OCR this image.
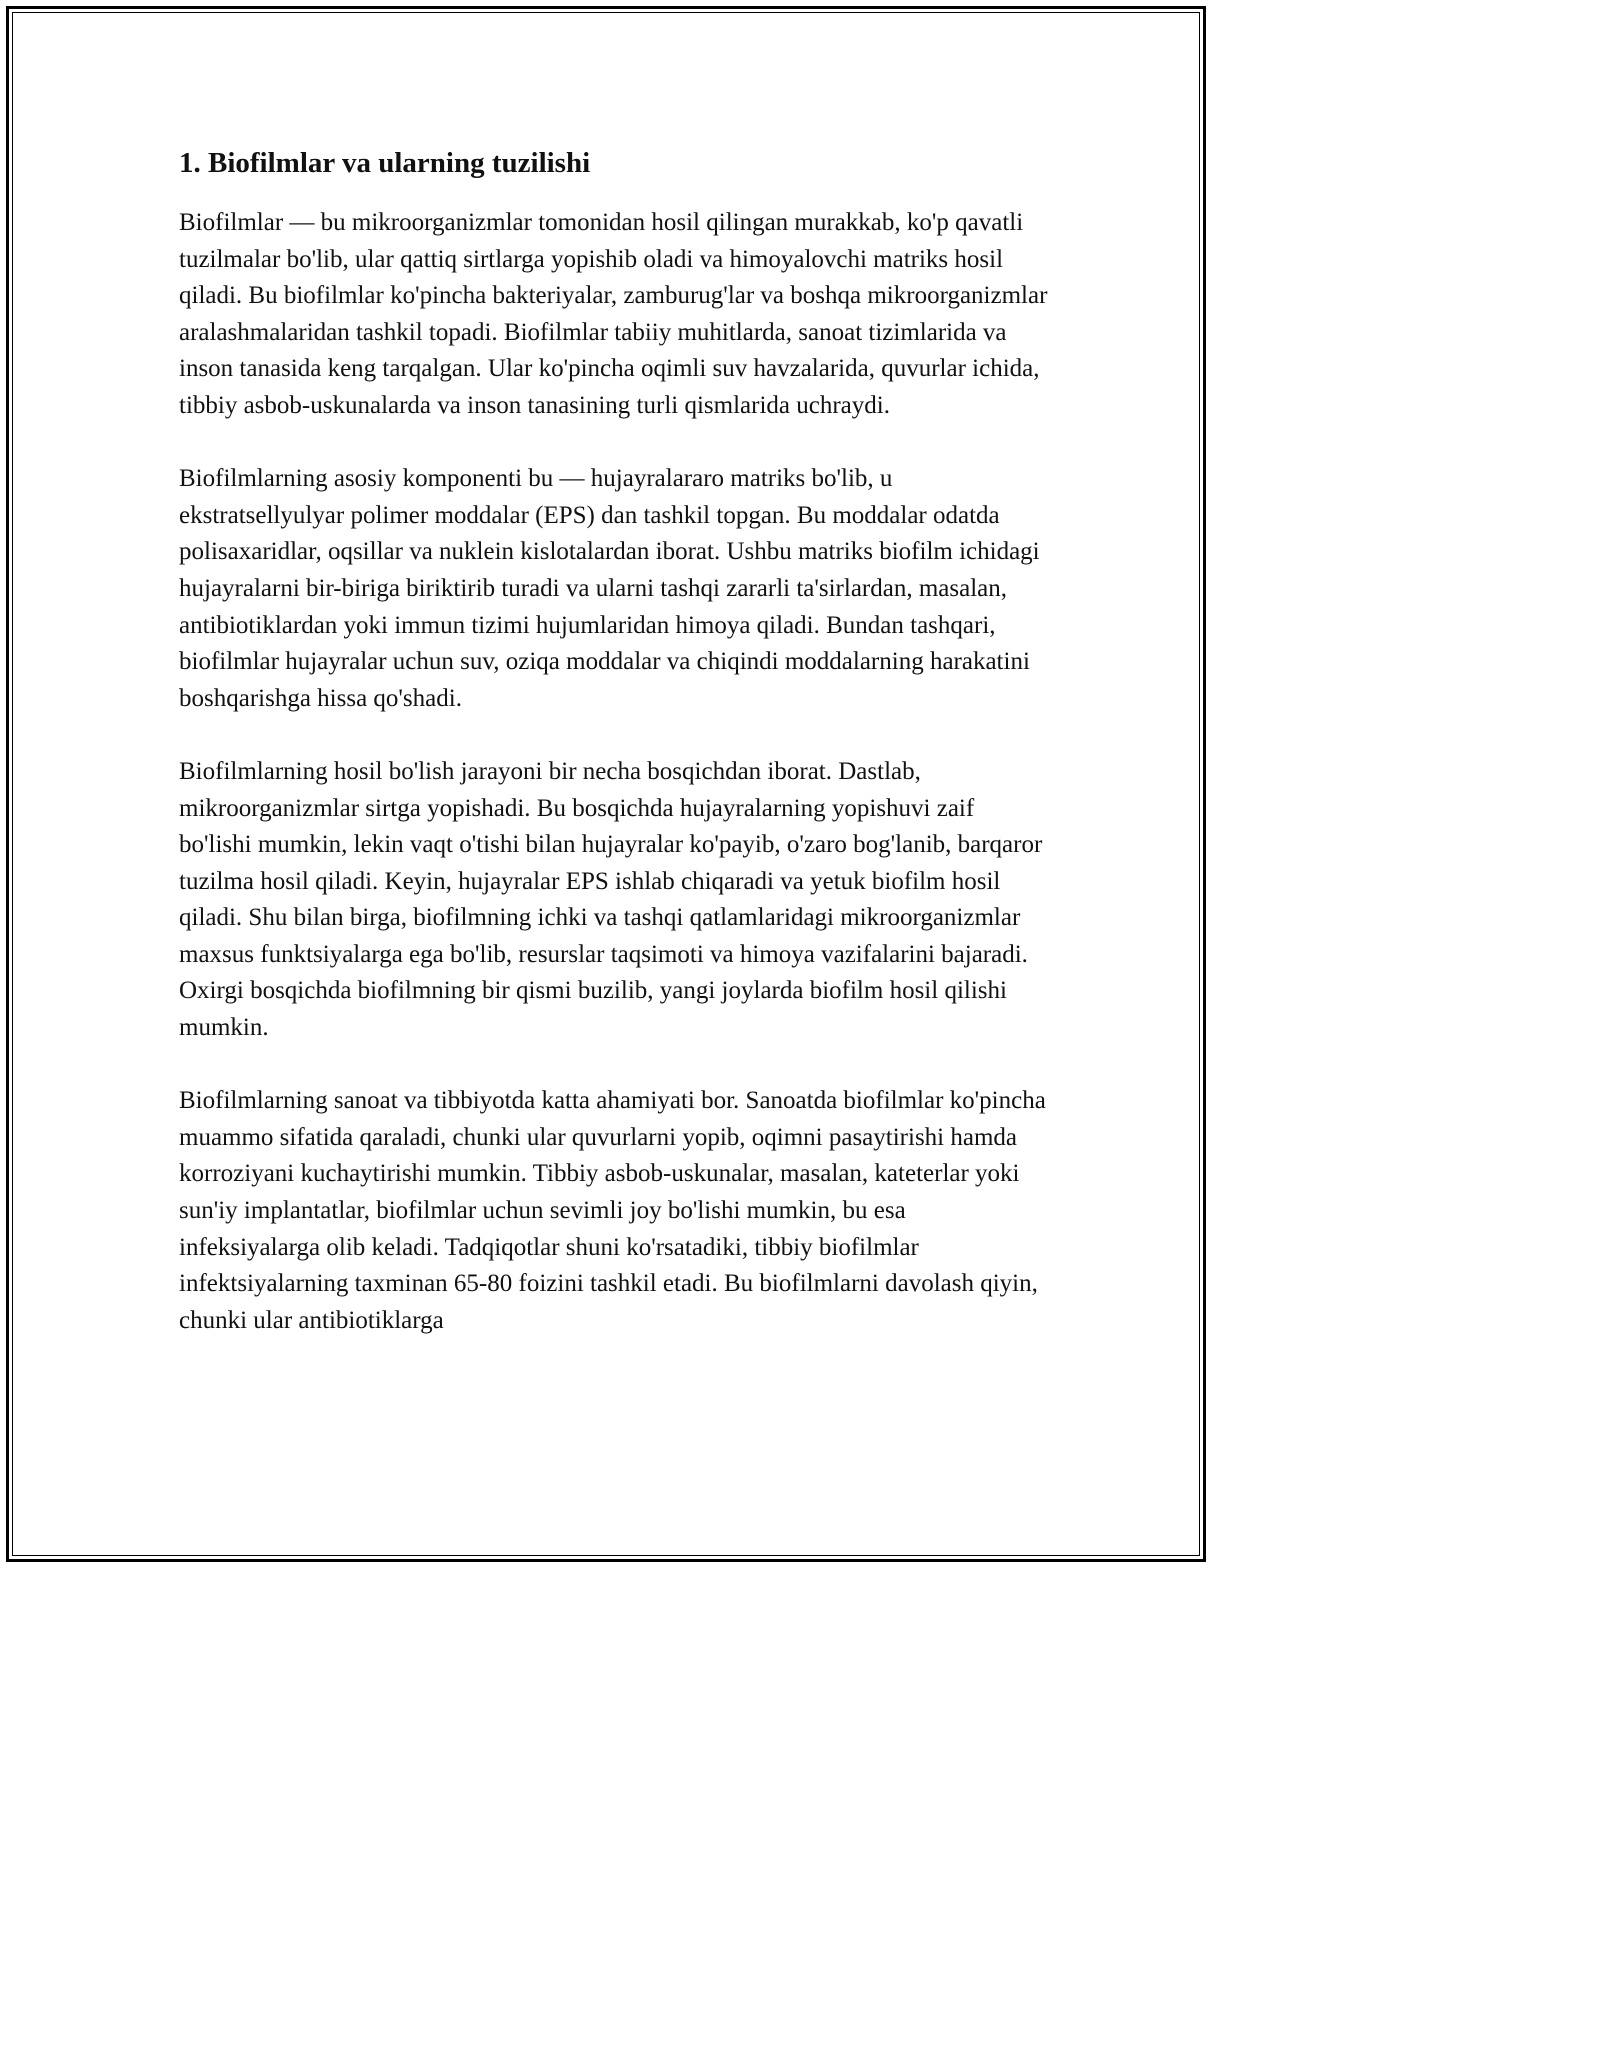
1. Biofilmlar va ularning tuzilishi

Biofilmlar — bu mikroorganizmlar tomonidan hosil qilingan murakkab, ko'p qavatli tuzilmalar bo'lib, ular qattiq sirtlarga yopishib oladi va himoyalovchi matriks hosil qiladi. Bu biofilmlar ko'pincha bakteriyalar, zamburug'lar va boshqa mikroorganizmlar aralashmalaridan tashkil topadi. Biofilmlar tabiiy muhitlarda, sanoat tizimlarida va inson tanasida keng tarqalgan. Ular ko'pincha oqimli suv havzalarida, quvurlar ichida, tibbiy asbob-uskunalarda va inson tanasining turli qismlarida uchraydi.

Biofilmlarning asosiy komponenti bu — hujayralararo matriks bo'lib, u ekstratsellyulyar polimer moddalar (EPS) dan tashkil topgan. Bu moddalar odatda polisaxaridlar, oqsillar va nuklein kislotalardan iborat. Ushbu matriks biofilm ichidagi hujayralarni bir-biriga biriktirib turadi va ularni tashqi zararli ta'sirlardan, masalan, antibiotiklardan yoki immun tizimi hujumlaridan himoya qiladi. Bundan tashqari, biofilmlar hujayralar uchun suv, oziqa moddalar va chiqindi moddalarning harakatini boshqarishga hissa qo'shadi.

Biofilmlarning hosil bo'lish jarayoni bir necha bosqichdan iborat. Dastlab, mikroorganizmlar sirtga yopishadi. Bu bosqichda hujayralarning yopishuvi zaif bo'lishi mumkin, lekin vaqt o'tishi bilan hujayralar ko'payib, o'zaro bog'lanib, barqaror tuzilma hosil qiladi. Keyin, hujayralar EPS ishlab chiqaradi va yetuk biofilm hosil qiladi. Shu bilan birga, biofilmning ichki va tashqi qatlamlaridagi mikroorganizmlar maxsus funktsiyalarga ega bo'lib, resurslar taqsimoti va himoya vazifalarini bajaradi. Oxirgi bosqichda biofilmning bir qismi buzilib, yangi joylarda biofilm hosil qilishi mumkin.

Biofilmlarning sanoat va tibbiyotda katta ahamiyati bor. Sanoatda biofilmlar ko'pincha muammo sifatida qaraladi, chunki ular quvurlarni yopib, oqimni pasaytirishi hamda korroziyani kuchaytirishi mumkin. Tibbiy asbob-uskunalar, masalan, kateterlar yoki sun'iy implantatlar, biofilmlar uchun sevimli joy bo'lishi mumkin, bu esa infeksiyalarga olib keladi. Tadqiqotlar shuni ko'rsatadiki, tibbiy biofilmlar infektsiyalarning taxminan 65-80 foizini tashkil etadi. Bu biofilmlarni davolash qiyin, chunki ular antibiotiklarga
